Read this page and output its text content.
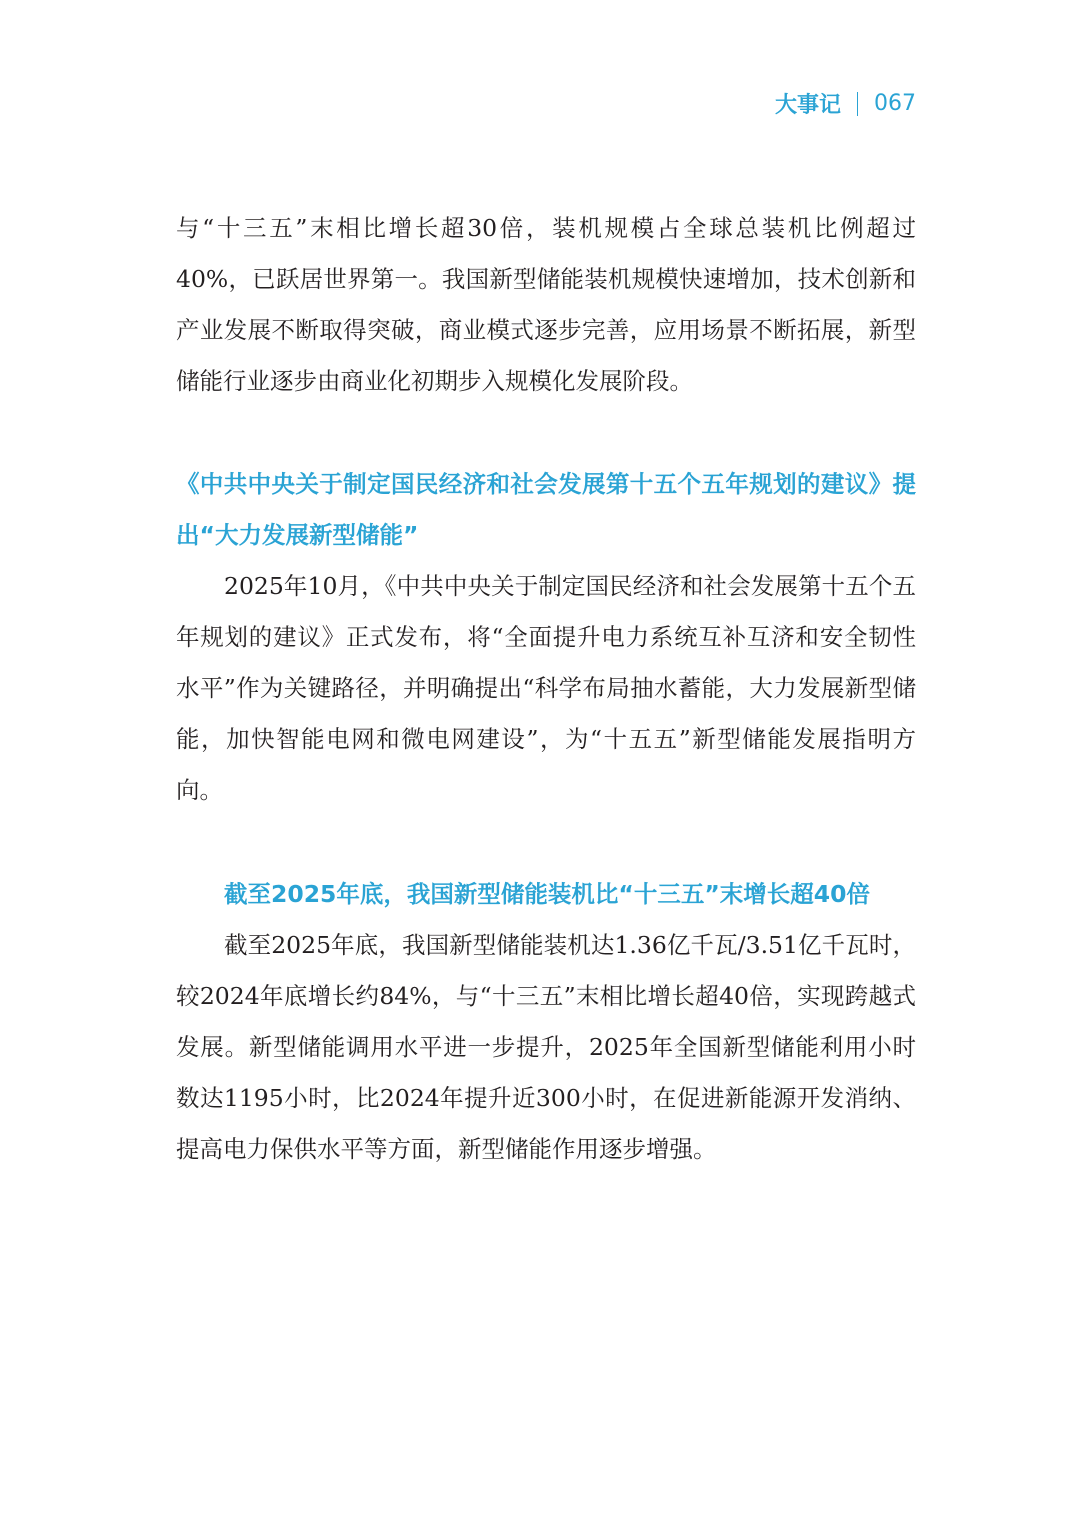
大事记 067

与“十三五”末相比增长超30倍，装机规模占全球总装机比例超过40%，已跃居世界第一。我国新型储能装机规模快速增加，技术创新和产业发展不断取得突破，商业模式逐步完善，应用场景不断拓展，新型储能行业逐步由商业化初期步入规模化发展阶段。

《中共中央关于制定国民经济和社会发展第十五个五年规划的建议》提出“大力发展新型储能”

2025年10月，《中共中央关于制定国民经济和社会发展第十五个五年规划的建议》正式发布，将“全面提升电力系统互补互济和安全韧性水平”作为关键路径，并明确提出“科学布局抽水蓄能，大力发展新型储能，加快智能电网和微电网建设”，为“十五五”新型储能发展指明方向。

截至2025年底，我国新型储能装机比“十三五”末增长超40倍

截至2025年底，我国新型储能装机达1.36亿千瓦/3.51亿千瓦时，较2024年底增长约84%，与“十三五”末相比增长超40倍，实现跨越式发展。新型储能调用水平进一步提升，2025年全国新型储能利用小时数达1195小时，比2024年提升近300小时，在促进新能源开发消纳、提高电力保供水平等方面，新型储能作用逐步增强。
